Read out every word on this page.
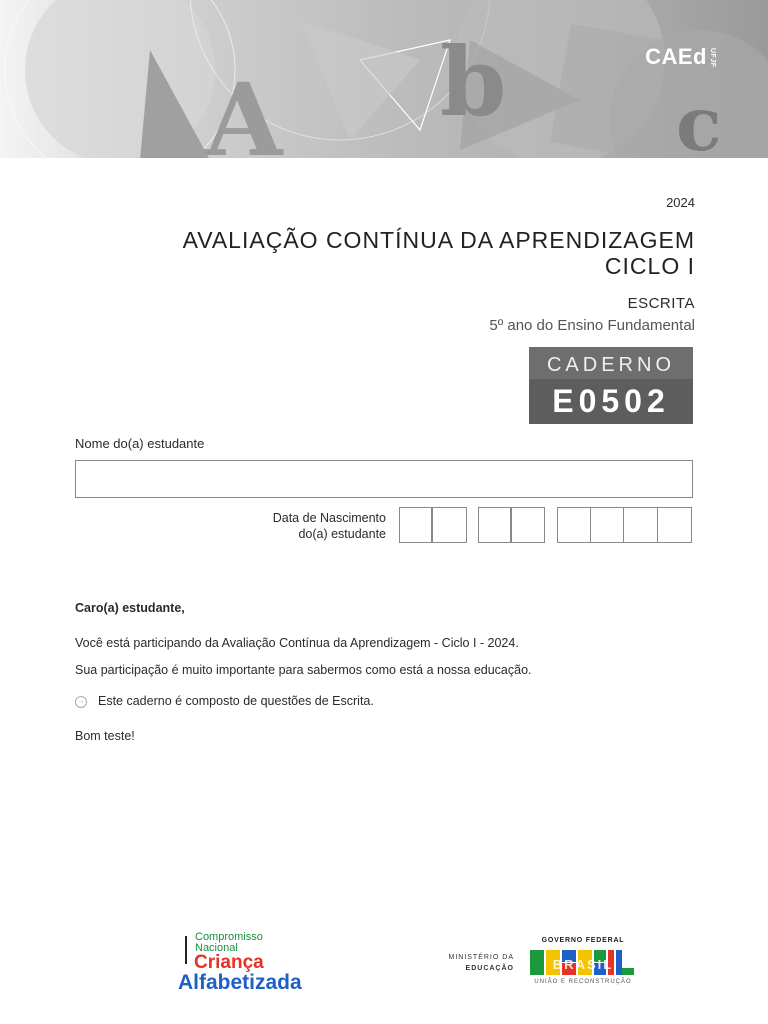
A b c
CAEd UFJF
2024
AVALIAÇÃO CONTÍNUA DA APRENDIZAGEM
CICLO I
ESCRITA
5º ano do Ensino Fundamental
CADERNO
E0502
Nome do(a) estudante
Data de Nascimento
do(a) estudante
Caro(a) estudante,
Você está participando da Avaliação Contínua da Aprendizagem - Ciclo I - 2024.
Sua participação é muito importante para sabermos como está a nossa educação.
→ Este caderno é composto de questões de Escrita.
Bom teste!
Compromisso
Nacional
Criança
Alfabetizada
MINISTÉRIO DA
EDUCAÇÃO
GOVERNO FEDERAL
BRASIL
UNIÃO E RECONSTRUÇÃO
